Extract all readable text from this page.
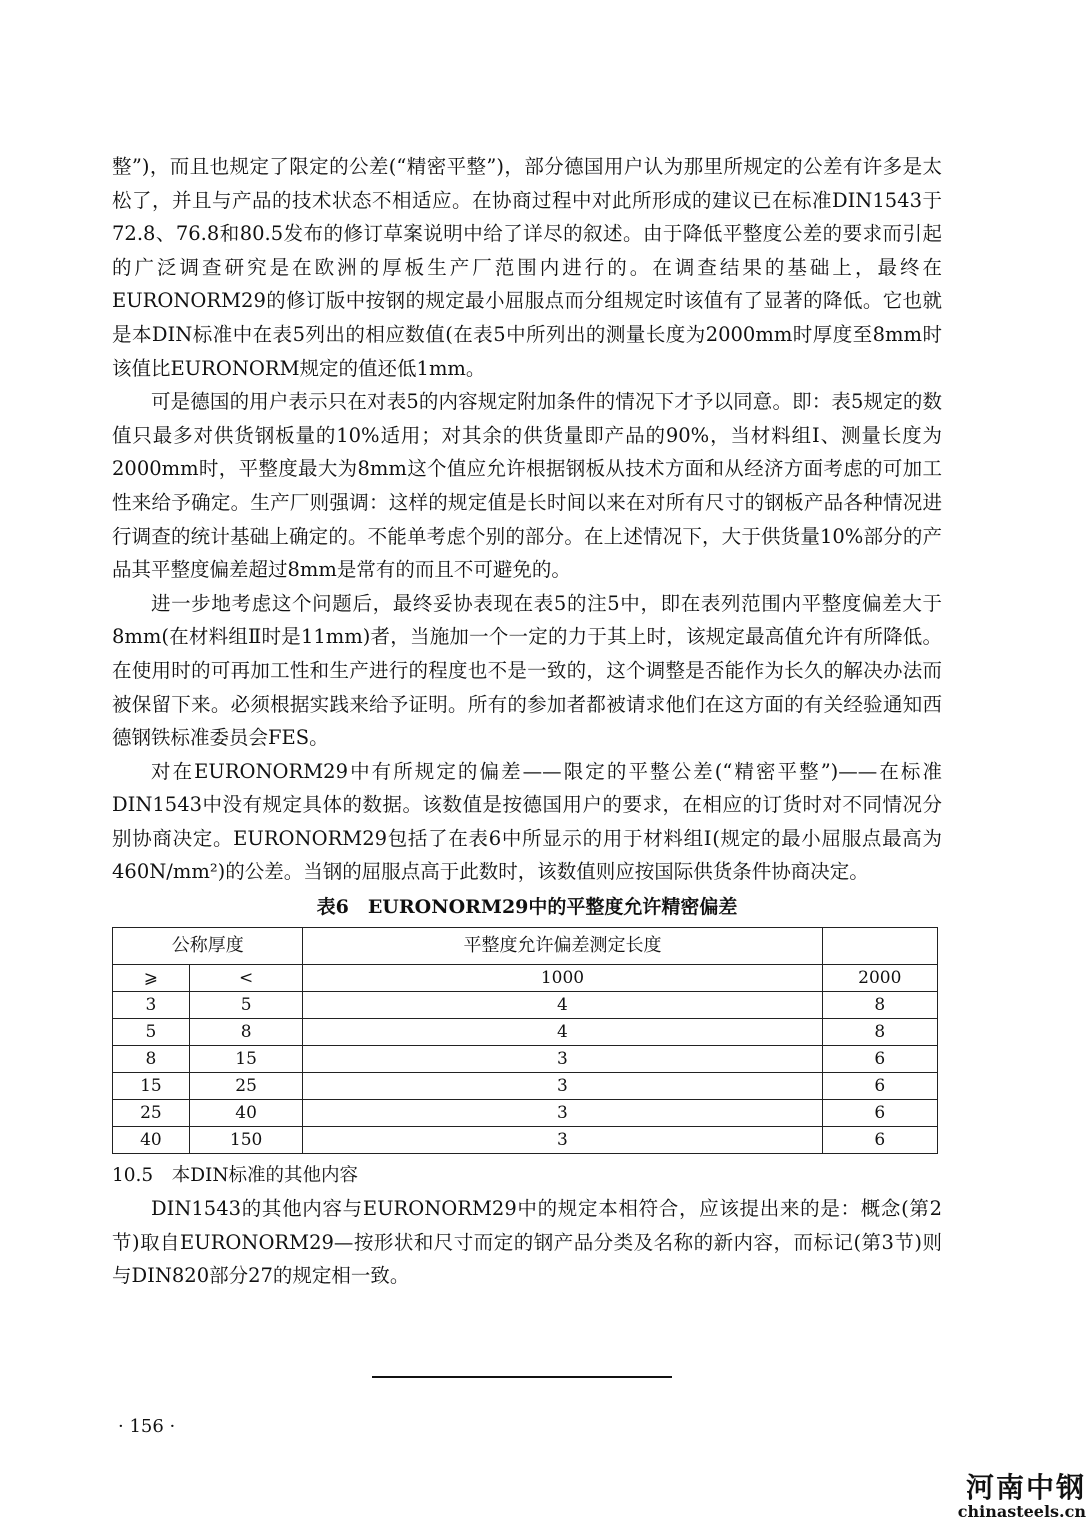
整”)，而且也规定了限定的公差(“精密平整”)，部分德国用户认为那里所规定的公差有许多是太松了，并且与产品的技术状态不相适应。在协商过程中对此所形成的建议已在标准DIN1543于72.8、76.8和80.5发布的修订草案说明中给了详尽的叙述。由于降低平整度公差的要求而引起的广泛调查研究是在欧洲的厚板生产厂范围内进行的。在调查结果的基础上，最终在EURONORM29的修订版中按钢的规定最小屈服点而分组规定时该值有了显著的降低。它也就是本DIN标准中在表5列出的相应数值(在表5中所列出的测量长度为2000mm时厚度至8mm时该值比EURONORM规定的值还低1mm。

可是德国的用户表示只在对表5的内容规定附加条件的情况下才予以同意。即：表5规定的数值只最多对供货钢板量的10%适用；对其余的供货量即产品的90%，当材料组Ⅰ、测量长度为2000mm时，平整度最大为8mm这个值应允许根据钢板从技术方面和从经济方面考虑的可加工性来给予确定。生产厂则强调：这样的规定值是长时间以来在对所有尺寸的钢板产品各种情况进行调查的统计基础上确定的。不能单考虑个别的部分。在上述情况下，大于供货量10%部分的产品其平整度偏差超过8mm是常有的而且不可避免的。

进一步地考虑这个问题后，最终妥协表现在表5的注5中，即在表列范围内平整度偏差大于8mm(在材料组Ⅱ时是11mm)者，当施加一个一定的力于其上时，该规定最高值允许有所降低。在使用时的可再加工性和生产进行的程度也不是一致的，这个调整是否能作为长久的解决办法而被保留下来。必须根据实践来给予证明。所有的参加者都被请求他们在这方面的有关经验通知西德钢铁标准委员会FES。

对在EURONORM29中有所规定的偏差——限定的平整公差(“精密平整”)——在标准DIN1543中没有规定具体的数据。该数值是按德国用户的要求，在相应的订货时对不同情况分别协商决定。EURONORM29包括了在表6中所显示的用于材料组Ⅰ(规定的最小屈服点最高为460N/mm²)的公差。当钢的屈服点高于此数时，该数值则应按国际供货条件协商决定。

表6　EURONORM29中的平整度允许精密偏差
公称厚度		平整度允许偏差测定长度	
⩾	<	1000	2000
3	5	4	8
5	8	4	8
8	15	3	6
15	25	3	6
25	40	3	6
40	150	3	6
10.5　本DIN标准的其他内容

DIN1543的其他内容与EURONORM29中的规定本相符合，应该提出来的是：概念(第2节)取自EURONORM29—按形状和尺寸而定的钢产品分类及名称的新内容，而标记(第3节)则与DIN820部分27的规定相一致。

· 156 ·
河南中钢
chinasteels.cn
